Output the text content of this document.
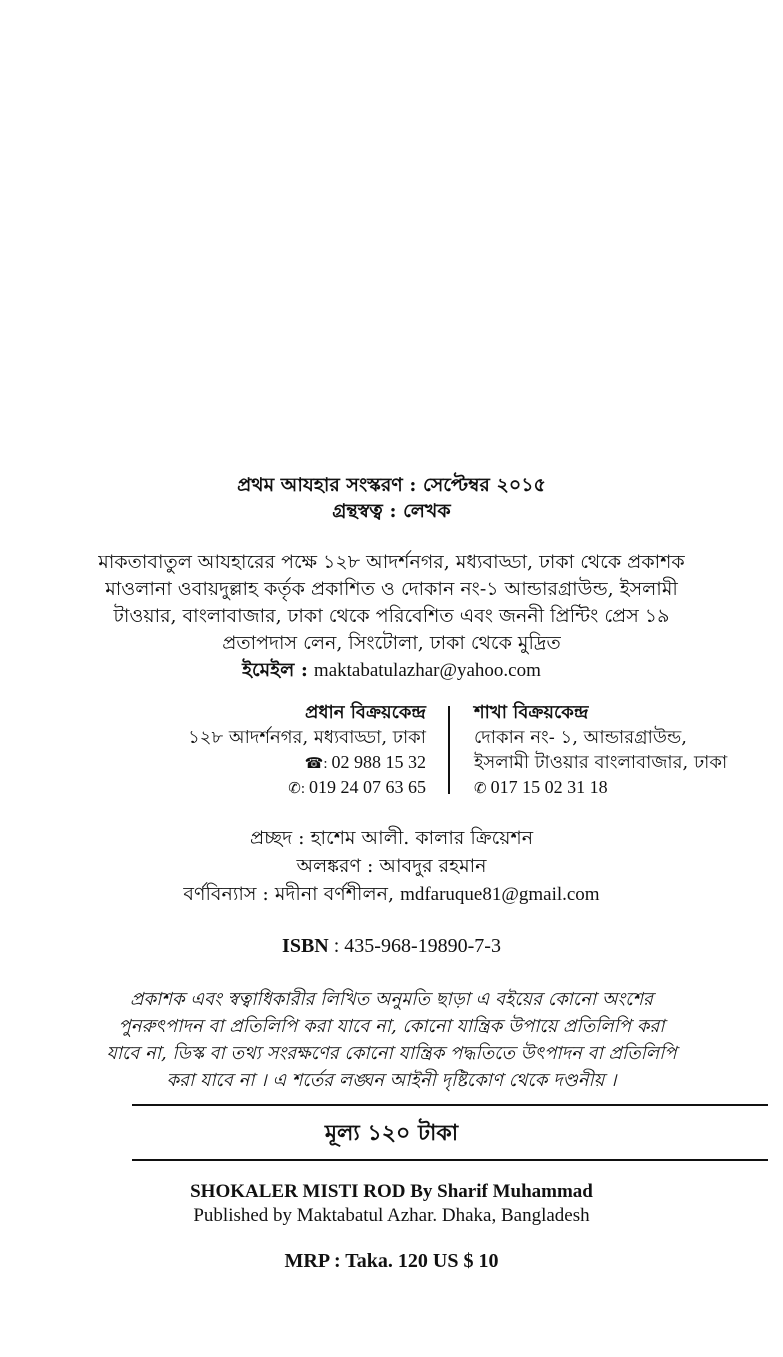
প্রথম আযহার সংস্করণ : সেপ্টেম্বর ২০১৫
গ্রন্থস্বত্ব : লেখক
মাকতাবাতুল আযহারের পক্ষে ১২৮ আদর্শনগর, মধ্যবাড্ডা, ঢাকা থেকে প্রকাশক
মাওলানা ওবায়দুল্লাহ কর্তৃক প্রকাশিত ও দোকান নং-১ আন্ডারগ্রাউন্ড, ইসলামী
টাওয়ার, বাংলাবাজার, ঢাকা থেকে পরিবেশিত এবং জননী প্রিন্টিং প্রেস ১৯
প্রতাপদাস লেন, সিংটোলা, ঢাকা থেকে মুদ্রিত
ইমেইল : maktabatulazhar@yahoo.com
প্রধান বিক্রয়কেন্দ্র
১২৮ আদর্শনগর, মধ্যবাড্ডা, ঢাকা
☎: 02 988 15 32
✆: 019 24 07 63 65
শাখা বিক্রয়কেন্দ্র
দোকান নং- ১, আন্ডারগ্রাউন্ড,
ইসলামী টাওয়ার বাংলাবাজার, ঢাকা
✆ 017 15 02 31 18
প্রচ্ছদ : হাশেম আলী. কালার ক্রিয়েশন
অলঙ্করণ : আবদুর রহমান
বর্ণবিন্যাস : মদীনা বর্ণশীলন, mdfaruque81@gmail.com
ISBN : 435-968-19890-7-3
প্রকাশক এবং স্বত্বাধিকারীর লিখিত অনুমতি ছাড়া এ বইয়ের কোনো অংশের
পুনরুৎপাদন বা প্রতিলিপি করা যাবে না, কোনো যান্ত্রিক উপায়ে প্রতিলিপি করা
যাবে না, ডিস্ক বা তথ্য সংরক্ষণের কোনো যান্ত্রিক পদ্ধতিতে উৎপাদন বা প্রতিলিপি
করা যাবে না । এ শর্তের লঙ্ঘন আইনী দৃষ্টিকোণ থেকে দণ্ডনীয় ।
মূল্য ১২০ টাকা
SHOKALER MISTI ROD By Sharif Muhammad
Published by Maktabatul Azhar. Dhaka, Bangladesh
MRP : Taka. 120 US $ 10
